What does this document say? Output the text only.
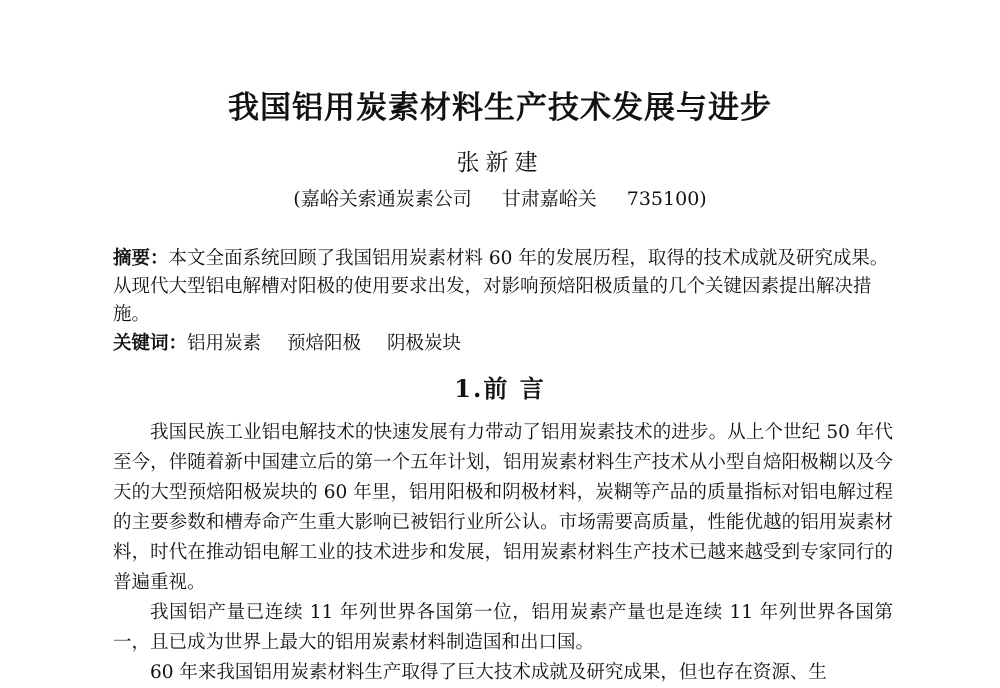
我国铝用炭素材料生产技术发展与进步
张新建
(嘉峪关索通炭素公司 甘肃嘉峪关 735100)
摘要：本文全面系统回顾了我国铝用炭素材料 60 年的发展历程，取得的技术成就及研究成果。从现代大型铝电解槽对阳极的使用要求出发，对影响预焙阳极质量的几个关键因素提出解决措施。
关键词：铝用炭素 预焙阳极 阴极炭块
1.前 言

我国民族工业铝电解技术的快速发展有力带动了铝用炭素技术的进步。从上个世纪 50 年代至今，伴随着新中国建立后的第一个五年计划，铝用炭素材料生产技术从小型自焙阳极糊以及今天的大型预焙阳极炭块的 60 年里，铝用阳极和阴极材料，炭糊等产品的质量指标对铝电解过程的主要参数和槽寿命产生重大影响已被铝行业所公认。市场需要高质量，性能优越的铝用炭素材料，时代在推动铝电解工业的技术进步和发展，铝用炭素材料生产技术已越来越受到专家同行的普遍重视。

我国铝产量已连续 11 年列世界各国第一位，铝用炭素产量也是连续 11 年列世界各国第一，且已成为世界上最大的铝用炭素材料制造国和出口国。

60 年来我国铝用炭素材料生产取得了巨大技术成就及研究成果，但也存在资源、生
